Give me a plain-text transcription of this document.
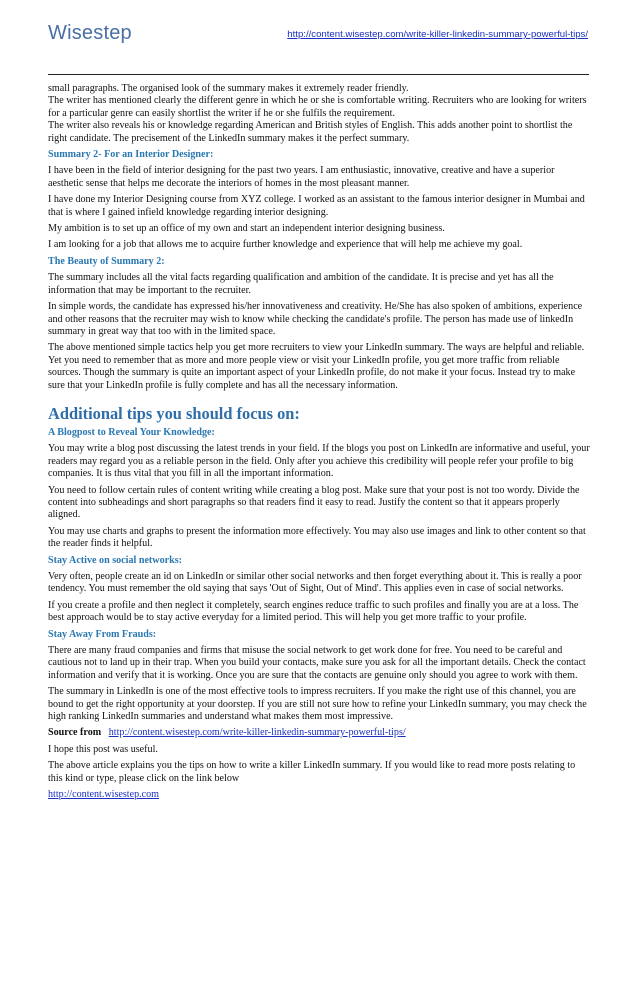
Wisestep	http://content.wisestep.com/write-killer-linkedin-summary-powerful-tips/

small paragraphs. The organised look of the summary makes it extremely reader friendly.

The writer has mentioned clearly the different genre in which he or she is comfortable writing. Recruiters who are looking for writers for a particular genre can easily shortlist the writer if he or she fulfils the requirement.

The writer also reveals his or knowledge regarding American and British styles of English. This adds another point to shortlist the right candidate. The precisement of the LinkedIn summary makes it the perfect summary.

Summary 2- For an Interior Designer:

I have been in the field of interior designing for the past two years. I am enthusiastic, innovative, creative and have a superior aesthetic sense that helps me decorate the interiors of homes in the most pleasant manner.

I have done my Interior Designing course from XYZ college. I worked as an assistant to the famous interior designer in Mumbai and that is where I gained infield knowledge regarding interior designing.

My ambition is to set up an office of my own and start an independent interior designing business.

I am looking for a job that allows me to acquire further knowledge and experience that will help me achieve my goal.

The Beauty of Summary 2:

The summary includes all the vital facts regarding qualification and ambition of the candidate. It is precise and yet has all the information that may be important to the recruiter.

In simple words, the candidate has expressed his/her innovativeness and creativity. He/She has also spoken of ambitions, experience and other reasons that the recruiter may wish to know while checking the candidate's profile. The person has made use of linkedIn summary in great way that too with in the limited space.

The above mentioned simple tactics help you get more recruiters to view your LinkedIn summary. The ways are helpful and reliable. Yet you need to remember that as more and more people view or visit your LinkedIn profile, you get more traffic from reliable sources. Though the summary is quite an important aspect of your LinkedIn profile, do not make it your focus. Instead try to make sure that your LinkedIn profile is fully complete and has all the necessary information.

Additional tips you should focus on:
A Blogpost to Reveal Your Knowledge:

You may write a blog post discussing the latest trends in your field. If the blogs you post on LinkedIn are informative and useful, your readers may regard you as a reliable person in the field. Only after you achieve this credibility will people refer your profile to big companies. It is thus vital that you fill in all the important information.

You need to follow certain rules of content writing while creating a blog post. Make sure that your post is not too wordy. Divide the content into subheadings and short paragraphs so that readers find it easy to read. Justify the content so that it appears properly aligned.

You may use charts and graphs to present the information more effectively. You may also use images and link to other content so that the reader finds it helpful.

Stay Active on social networks:

Very often, people create an id on LinkedIn or similar other social networks and then forget everything about it. This is really a poor tendency. You must remember the old saying that says 'Out of Sight, Out of Mind'. This applies even in case of social networks.

If you create a profile and then neglect it completely, search engines reduce traffic to such profiles and finally you are at a loss. The best approach would be to stay active everyday for a limited period. This will help you get more traffic to your profile.

Stay Away From Frauds:

There are many fraud companies and firms that misuse the social network to get work done for free. You need to be careful and cautious not to land up in their trap. When you build your contacts, make sure you ask for all the important details. Check the contact information and verify that it is working. Once you are sure that the contacts are genuine only should you agree to work with them.

The summary in LinkedIn is one of the most effective tools to impress recruiters. If you make the right use of this channel, you are bound to get the right opportunity at your doorstep. If you are still not sure how to refine your LinkedIn summary, you may check the high ranking LinkedIn summaries and understand what makes them most impressive.

Source from http://content.wisestep.com/write-killer-linkedin-summary-powerful-tips/

I hope this post was useful.

The above article explains you the tips on how to write a killer LinkedIn summary. If you would like to read more posts relating to this kind or type, please click on the link below

http://content.wisestep.com
